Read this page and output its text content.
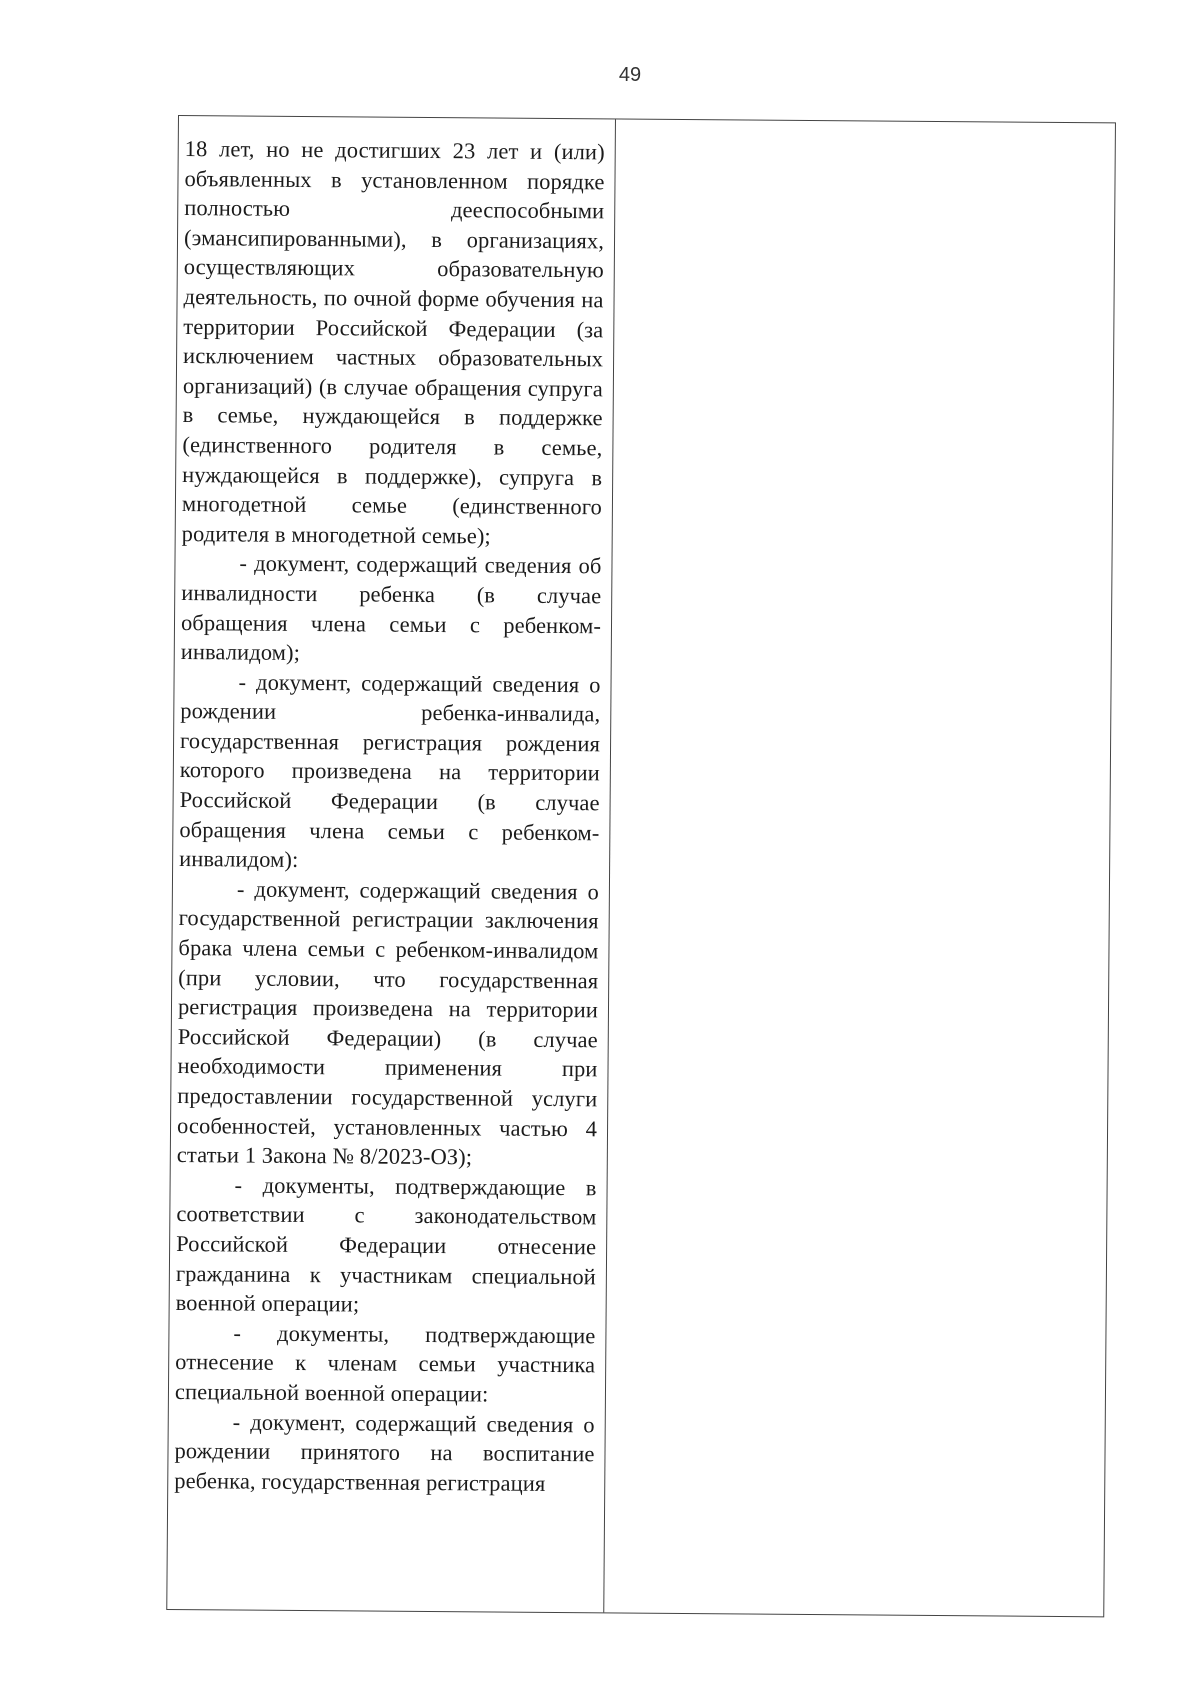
49

18 лет, но не достигших 23 лет и (или) объявленных в установленном порядке полностью дееспособными (эмансипированными), в организациях, осуществляющих образовательную деятельность, по очной форме обучения на территории Российской Федерации (за исключением частных образовательных организаций) (в случае обращения супруга в семье, нуждающейся в поддержке (единственного родителя в семье, нуждающейся в поддержке), супруга в многодетной семье (единственного родителя в многодетной семье);

- документ, содержащий сведения об инвалидности ребенка (в случае обращения члена семьи с ребенком-инвалидом);

- документ, содержащий сведения о рождении ребенка-инвалида, государственная регистрация рождения которого произведена на территории Российской Федерации (в случае обращения члена семьи с ребенком-инвалидом):

- документ, содержащий сведения о государственной регистрации заключения брака члена семьи с ребенком-инвалидом (при условии, что государственная регистрация произведена на территории Российской Федерации) (в случае необходимости применения при предоставлении государственной услуги особенностей, установленных частью 4 статьи 1 Закона № 8/2023-ОЗ);

- документы, подтверждающие в соответствии с законодательством Российской Федерации отнесение гражданина к участникам специальной военной операции;

- документы, подтверждающие отнесение к членам семьи участника специальной военной операции:

- документ, содержащий сведения о рождении принятого на воспитание ребенка, государственная регистрация
